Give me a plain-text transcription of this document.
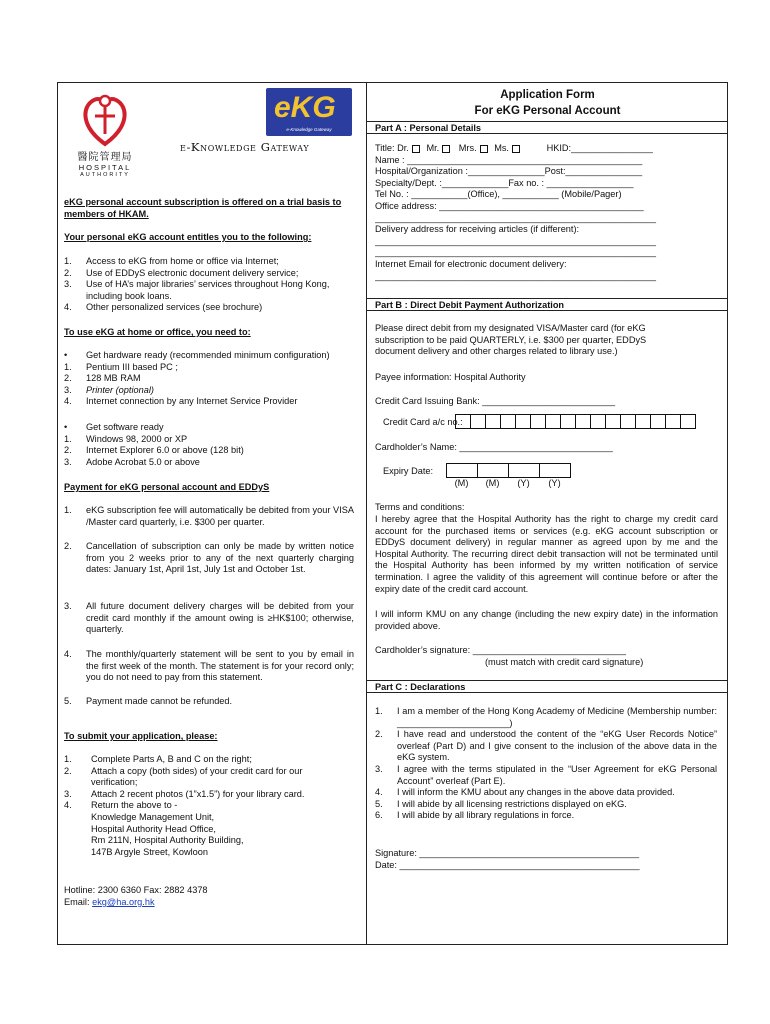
醫院管理局
HOSPITAL
AUTHORITY
eKG
e-Knowledge Gateway
e-Knowledge Gateway
eKG personal account subscription is offered on a trial basis to members of HKAM.
Your personal eKG account entitles you to the following:
1. Access to eKG from home or office via Internet;
2. Use of EDDyS electronic document delivery service;
3. Use of HA’s major libraries’ services throughout Hong Kong, including book loans.
4. Other personalized services (see brochure)
To use eKG at home or office, you need to:
• Get hardware ready (recommended minimum configuration)
1. Pentium III based PC ;
2. 128 MB RAM
3. Printer (optional)
4. Internet connection by any Internet Service Provider
• Get software ready
1. Windows 98, 2000 or XP
2. Internet Explorer 6.0 or above (128 bit)
3. Adobe Acrobat 5.0 or above
Payment for eKG personal account and EDDyS
1. eKG subscription fee will automatically be debited from your VISA /Master card quarterly, i.e. $300 per quarter.
2. Cancellation of subscription can only be made by written notice from you 2 weeks prior to any of the next quarterly charging dates: January 1st, April 1st, July 1st and October 1st.
3. All future document delivery charges will be debited from your credit card monthly if the amount owing is ≥HK$100; otherwise, quarterly.
4. The monthly/quarterly statement will be sent to you by email in the first week of the month. The statement is for your record only; you do not need to pay from this statement.
5. Payment made cannot be refunded.
To submit your application, please:
1. Complete Parts A, B and C on the right;
2. Attach a copy (both sides) of your credit card for our verification;
3. Attach 2 recent photos (1”x1.5”) for your library card.
4. Return the above to -
Knowledge Management Unit,
Hospital Authority Head Office,
Rm 211N, Hospital Authority Building,
147B Argyle Street, Kowloon
Hotline: 2300 6360 Fax: 2882 4378
Email: ekg@ha.org.hk
Application Form
For eKG Personal Account
Part A : Personal Details
Title: Dr. Mr. Mrs. Ms.	HKID:________________
Name : ______________________________________________
Hospital/Organization :_______________Post:_______________
Specialty/Dept. :_____________Fax no. : _________________
Tel No. : ___________(Office), ___________ (Mobile/Pager)
Office address: ________________________________________
_______________________________________________________
Delivery address for receiving articles (if different):
_______________________________________________________
_______________________________________________________
Internet Email for electronic document delivery:
_______________________________________________________
Part B : Direct Debit Payment Authorization
Please direct debit from my designated VISA/Master card (for eKG subscription to be paid QUARTERLY, i.e. $300 per quarter, EDDyS document delivery and other charges related to library use.)
Payee information: Hospital Authority
Credit Card Issuing Bank: __________________________
Credit Card a/c no.:
Cardholder’s Name: ______________________________
Expiry Date:
(M)	(M)	(Y)	(Y)
Terms and conditions:
I hereby agree that the Hospital Authority has the right to charge my credit card account for the purchased items or services (e.g. eKG account subscription or EDDyS document delivery) in regular manner as agreed upon by me and the Hospital Authority. The recurring direct debit transaction will not be terminated until the Hospital Authority has been informed by my written notification of service termination. I agree the validity of this agreement will continue before or after the expiry date of the credit card account.
I will inform KMU on any change (including the new expiry date) in the information provided above.
Cardholder’s signature: ______________________________
(must match with credit card signature)
Part C : Declarations
1. I am a member of the Hong Kong Academy of Medicine (Membership number: ______________________)
2. I have read and understood the content of the “eKG User Records Notice” overleaf (Part D) and I give consent to the inclusion of the above data in the eKG system.
3. I agree with the terms stipulated in the “User Agreement for eKG Personal Account” overleaf (Part E).
4. I will inform the KMU about any changes in the above data provided.
5. I will abide by all licensing restrictions displayed on eKG.
6. I will abide by all library regulations in force.
Signature: ___________________________________________
Date: _______________________________________________
